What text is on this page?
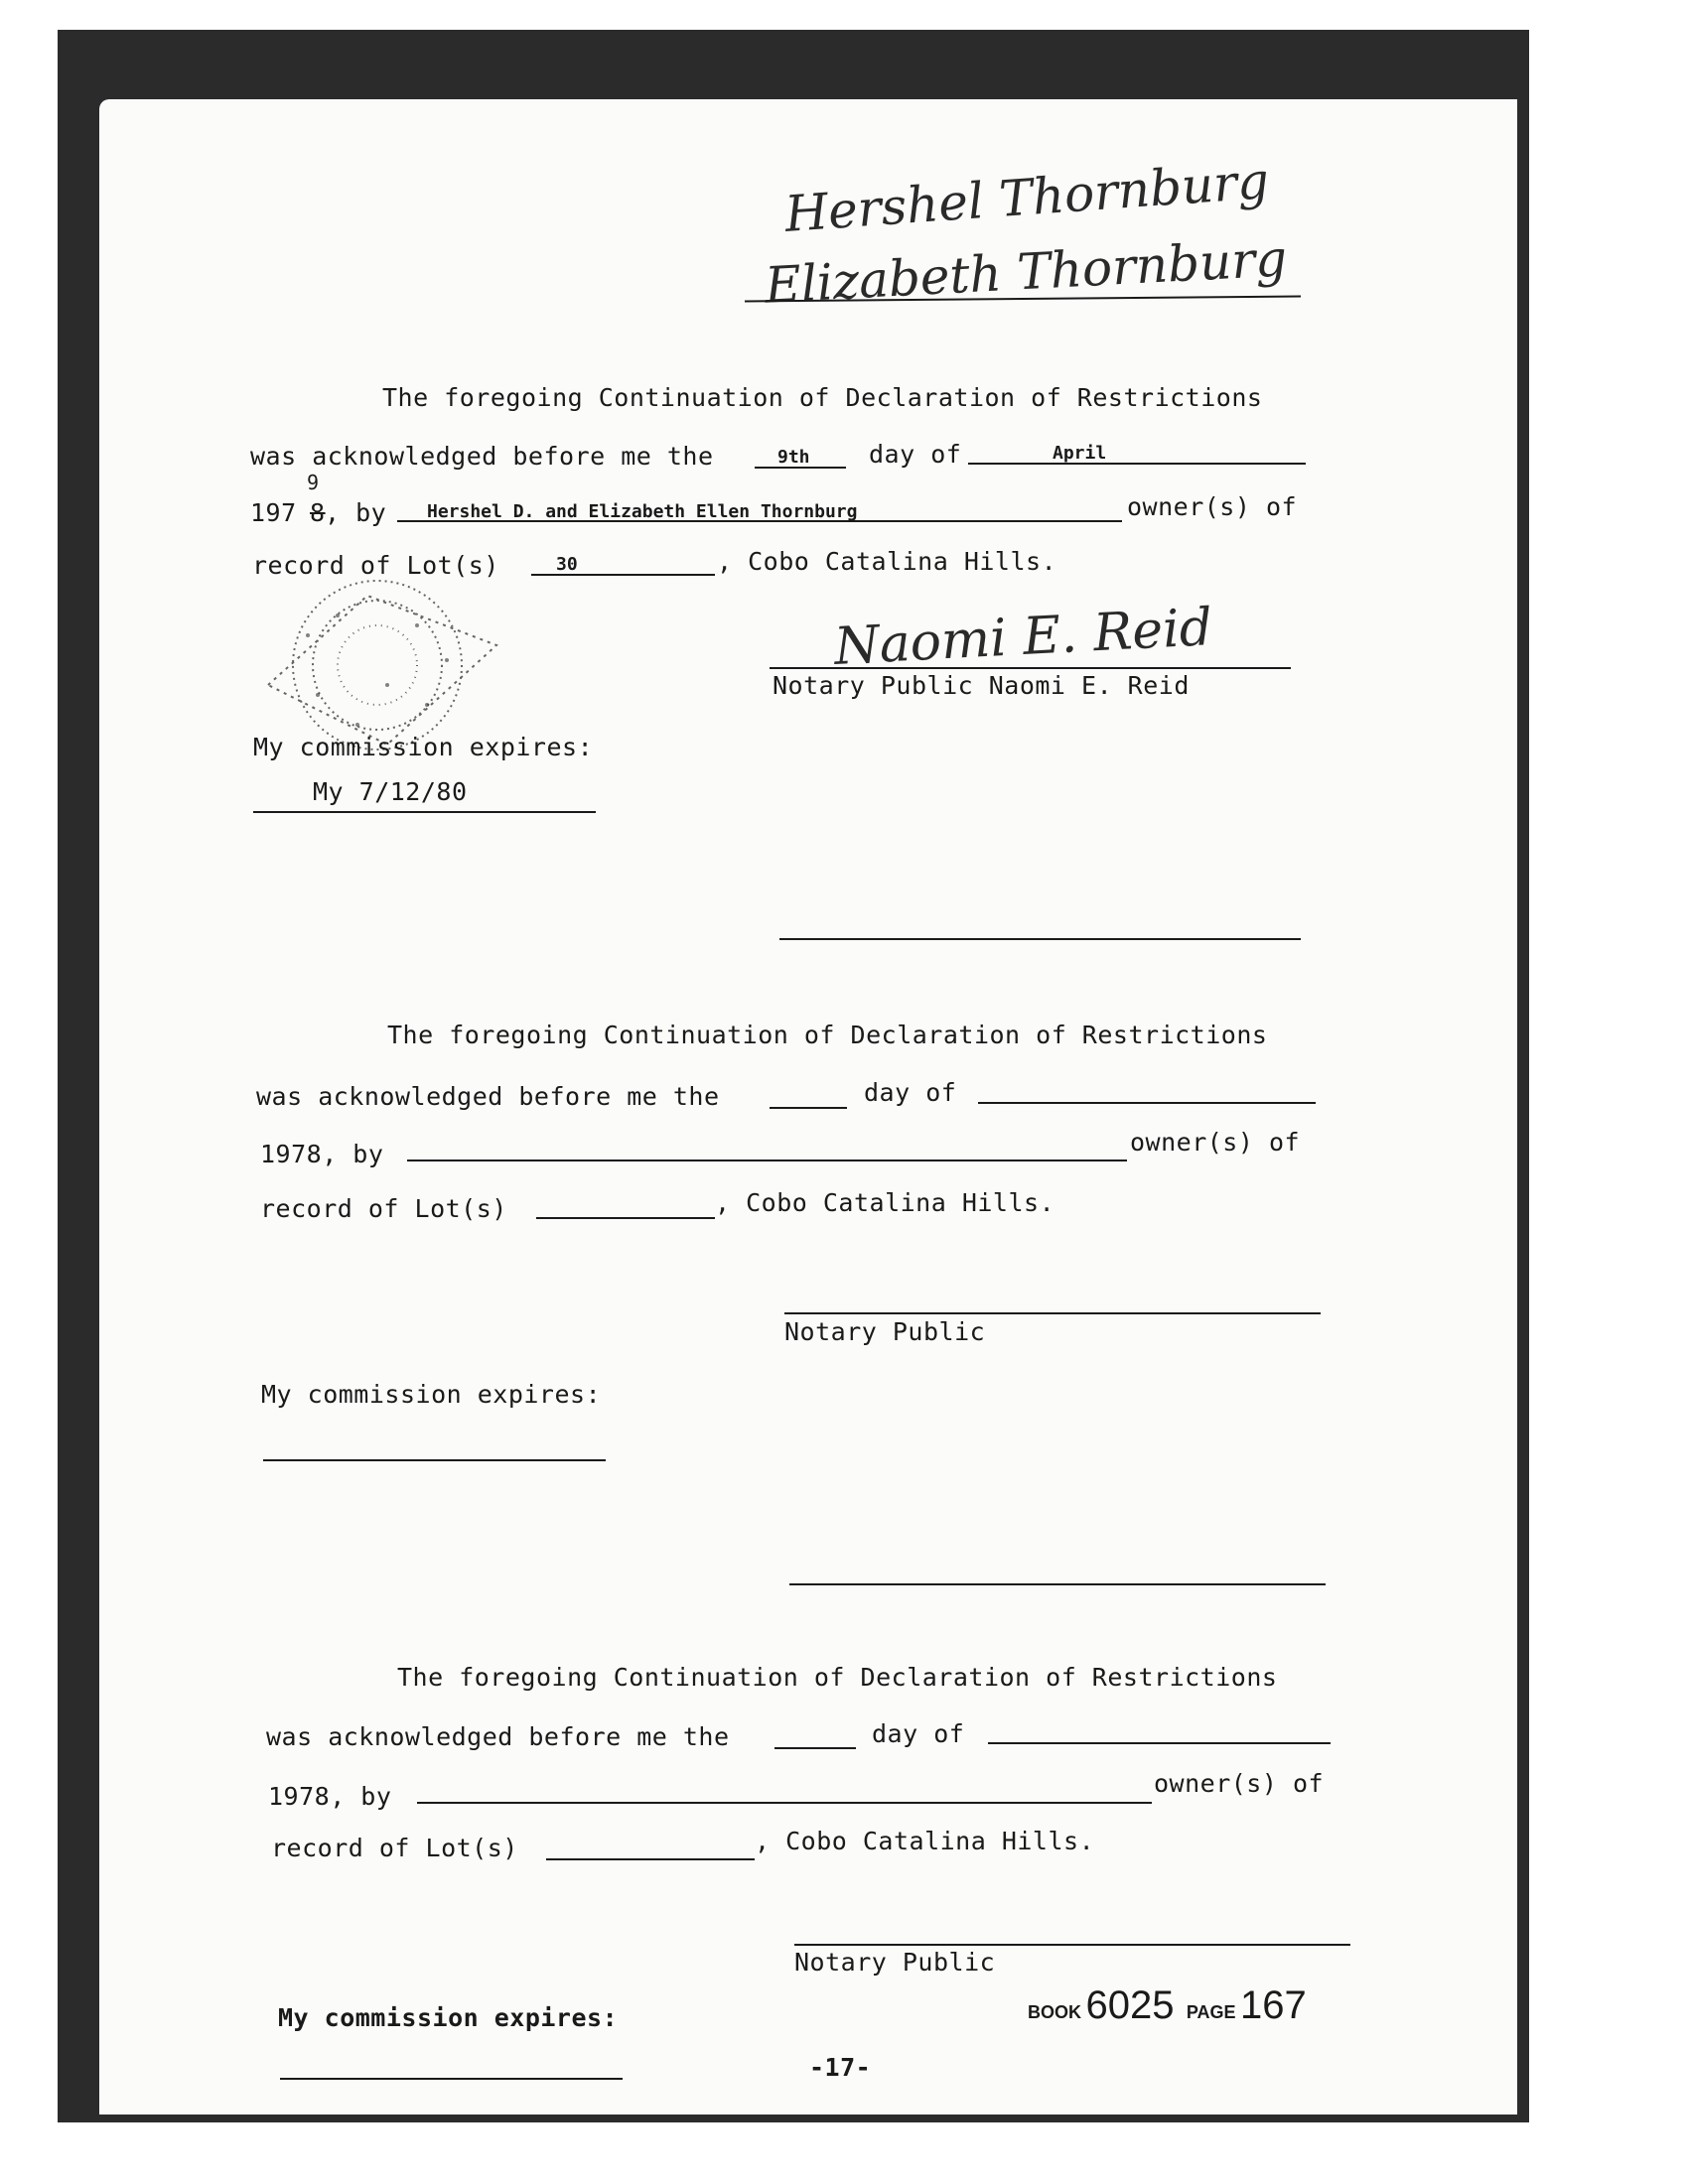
Hershel Thornburg
Elizabeth Thornburg
The foregoing Continuation of Declaration of Restrictions
was acknowledged before me the	9th day of	April
9
197 8 , by Hershel D. and Elizabeth Ellen Thornburg	owner(s) of
record of Lot(s)	30	, Cobo Catalina Hills.
Naomi E. Reid
Notary Public Naomi E. Reid
My commission expires:
My 7/12/80
The foregoing Continuation of Declaration of Restrictions
was acknowledged before me the	day of
1978, by	owner(s) of
record of Lot(s)	, Cobo Catalina Hills.
Notary Public
My commission expires:
The foregoing Continuation of Declaration of Restrictions
was acknowledged before me the	day of
1978, by	owner(s) of
record of Lot(s)	, Cobo Catalina Hills.
Notary Public
My commission expires:	BOOK 6025 PAGE 167
-17-
